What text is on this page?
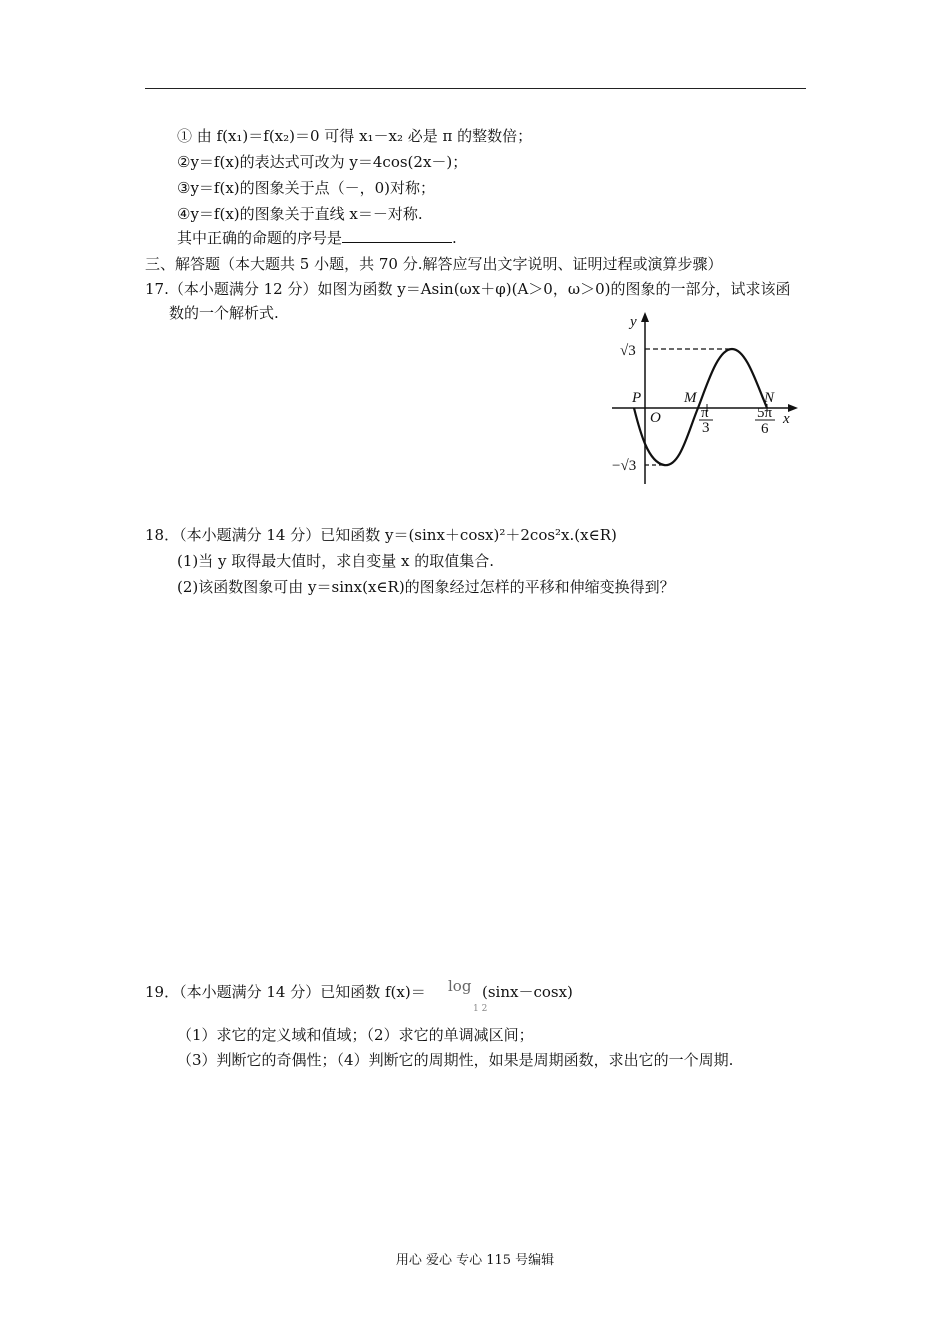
① 由 f(x₁)＝f(x₂)＝0 可得 x₁－x₂ 必是 π 的整数倍；
②y＝f(x)的表达式可改为 y＝4cos(2x－)；
③y＝f(x)的图象关于点（－，0)对称；
④y＝f(x)的图象关于直线 x＝－对称.
其中正确的命题的序号是	.
三、解答题（本大题共 5 小题，共 70 分.解答应写出文字说明、证明过程或演算步骤）
17.（本小题满分 12 分）如图为函数 y＝Asin(ωx＋φ)(A＞0，ω＞0)的图象的一部分，试求该函
数的一个解析式.	y
x
√3
−√3
P
O
M	N
π
3
5π
6
18．（本小题满分 14 分）已知函数 y＝(sinx＋cosx)²＋2cos²x.(x∈R)
(1)当 y 取得最大值时，求自变量 x 的取值集合.
(2)该函数图象可由 y＝sinx(x∈R)的图象经过怎样的平移和伸缩变换得到？
19．（本小题满分 14 分）已知函数 f(x)＝ log
1 2
(sinx－cosx)
（1）求它的定义域和值域；（2）求它的单调减区间；
（3）判断它的奇偶性；（4）判断它的周期性，如果是周期函数，求出它的一个周期.
用心 爱心 专心 115 号编辑
